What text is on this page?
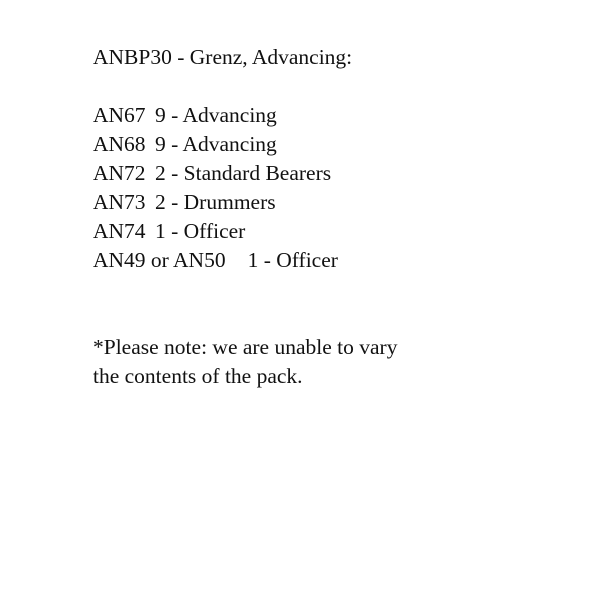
ANBP30 - Grenz, Advancing:
AN67 9 - Advancing
AN68 9 - Advancing
AN72 2 - Standard Bearers
AN73 2 - Drummers
AN74 1 - Officer
AN49 or AN50 1 - Officer
*Please note: we are unable to vary
the contents of the pack.
